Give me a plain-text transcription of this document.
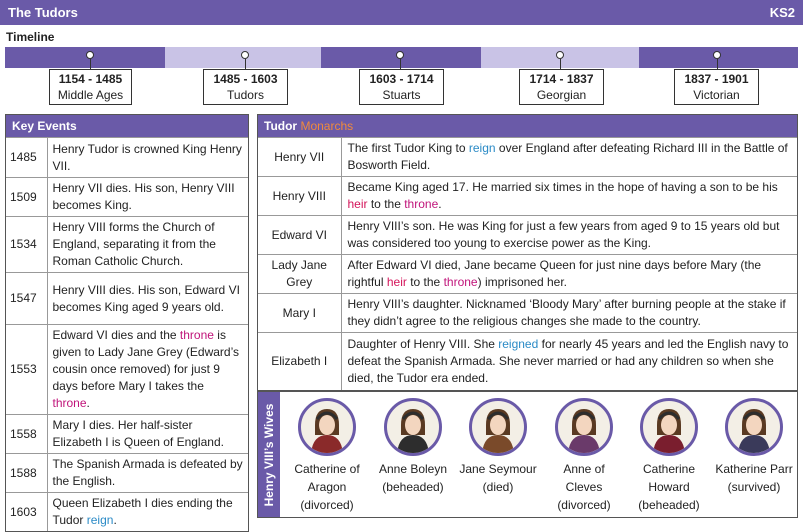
The Tudors	KS2
Timeline
1154 - 1485
Middle Ages
1485 - 1603
Tudors
1603 - 1714
Stuarts
1714 - 1837
Georgian
1837 - 1901
Victorian
Key Events
1485	Henry Tudor is crowned King Henry VII.
1509	Henry VII dies. His son, Henry VIII becomes King.
1534	Henry VIII forms the Church of England, separating it from the Roman Catholic Church.
1547	Henry VIII dies. His son, Edward VI becomes King aged 9 years old.
1553	Edward VI dies and the throne is given to Lady Jane Grey (Edward’s cousin once removed) for just 9 days before Mary I takes the throne.
1558	Mary I dies. Her half-sister Elizabeth I is Queen of England.
1588	The Spanish Armada is defeated by the English.
1603	Queen Elizabeth I dies ending the Tudor reign.
Tudor Monarchs
Henry VII	The first Tudor King to reign over England after defeating Richard III in the Battle of Bosworth Field.
Henry VIII	Became King aged 17. He married six times in the hope of having a son to be his heir to the throne.
Edward VI	Henry VIII’s son. He was King for just a few years from aged 9 to 15 years old but was considered too young to exercise power as the King.
Lady Jane Grey	After Edward VI died, Jane became Queen for just nine days before Mary (the rightful heir to the throne) imprisoned her.
Mary I	Henry VIII’s daughter. Nicknamed ‘Bloody Mary’ after burning people at the stake if they didn’t agree to the religious changes she made to the country.
Elizabeth I	Daughter of Henry VIII. She reigned for nearly 45 years and led the English navy to defeat the Spanish Armada. She never married or had any children so when she died, the Tudor era ended.
Henry VIII’s Wives	Catherine of
Aragon
(divorced)
Anne Boleyn
(beheaded)
Jane Seymour
(died)
Anne of
Cleves
(divorced)
Catherine
Howard
(beheaded)
Katherine Parr
(survived)
